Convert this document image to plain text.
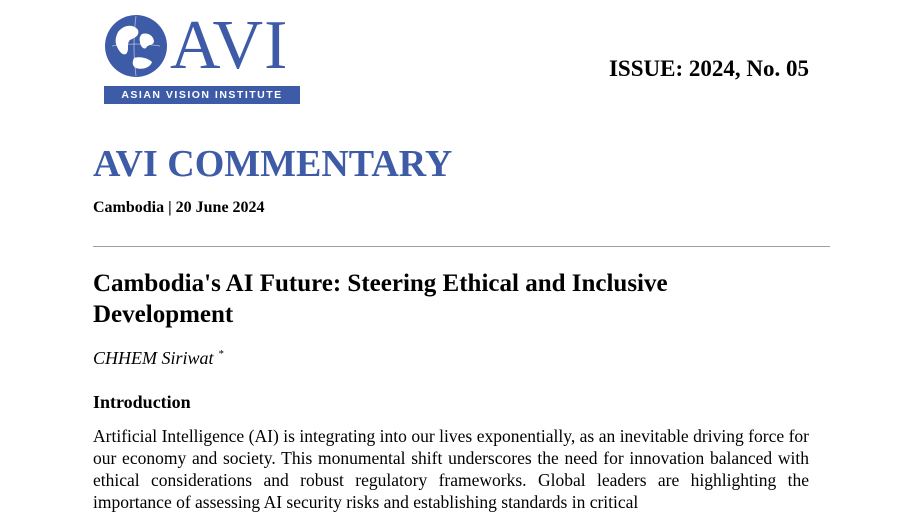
AVI
ASIAN VISION INSTITUTE
ISSUE: 2024, No. 05
AVI COMMENTARY
Cambodia | 20 June 2024
Cambodia's AI Future: Steering Ethical and Inclusive Development
CHHEM Siriwat *
Introduction
Artificial Intelligence (AI) is integrating into our lives exponentially, as an inevitable driving force for our economy and society. This monumental shift underscores the need for innovation balanced with ethical considerations and robust regulatory frameworks. Global leaders are highlighting the importance of assessing AI security risks and establishing standards in critical
